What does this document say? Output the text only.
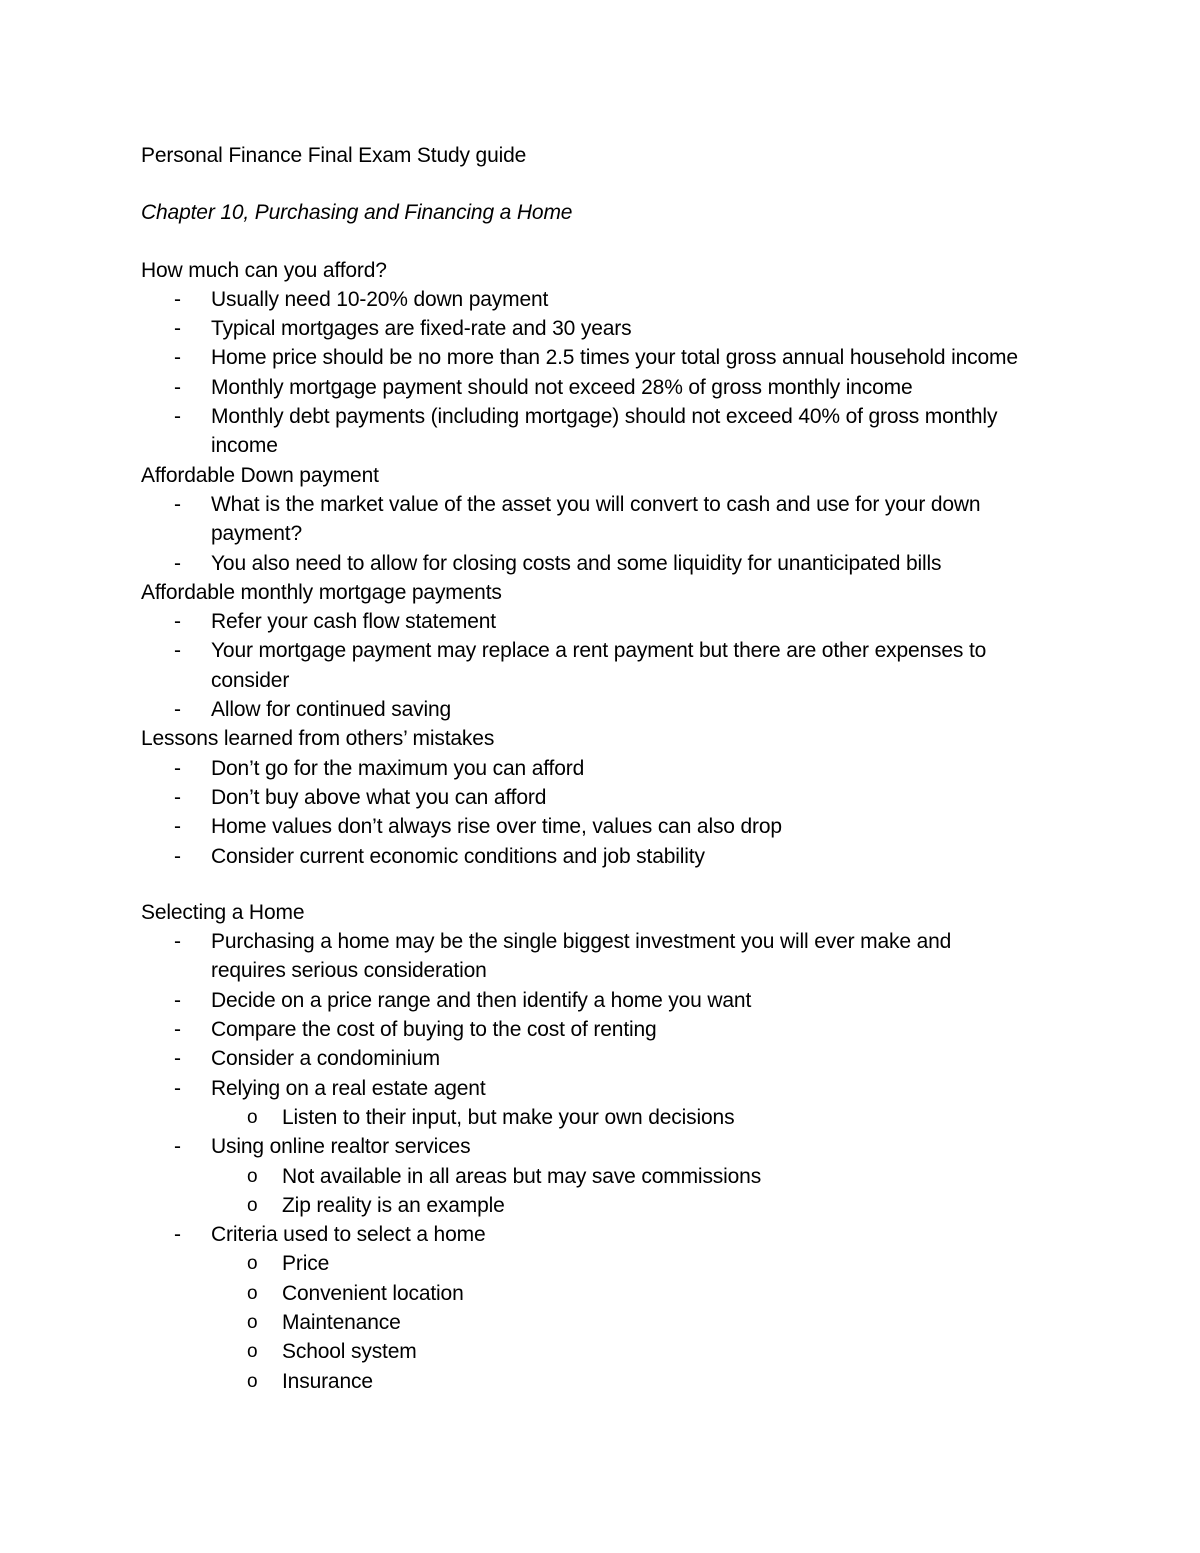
Personal Finance Final Exam Study guide

Chapter 10, Purchasing and Financing a Home

How much can you afford?
- Usually need 10-20% down payment
- Typical mortgages are fixed-rate and 30 years
- Home price should be no more than 2.5 times your total gross annual household income
- Monthly mortgage payment should not exceed 28% of gross monthly income
- Monthly debt payments (including mortgage) should not exceed 40% of gross monthly income
Affordable Down payment
- What is the market value of the asset you will convert to cash and use for your down payment?
- You also need to allow for closing costs and some liquidity for unanticipated bills
Affordable monthly mortgage payments
- Refer your cash flow statement
- Your mortgage payment may replace a rent payment but there are other expenses to consider
- Allow for continued saving
Lessons learned from others’ mistakes
- Don’t go for the maximum you can afford
- Don’t buy above what you can afford
- Home values don’t always rise over time, values can also drop
- Consider current economic conditions and job stability
Selecting a Home
- Purchasing a home may be the single biggest investment you will ever make and requires serious consideration
- Decide on a price range and then identify a home you want
- Compare the cost of buying to the cost of renting
- Consider a condominium
- Relying on a real estate agent
o Listen to their input, but make your own decisions
- Using online realtor services
o Not available in all areas but may save commissions
o Zip reality is an example
- Criteria used to select a home
o Price
o Convenient location
o Maintenance
o School system
o Insurance
